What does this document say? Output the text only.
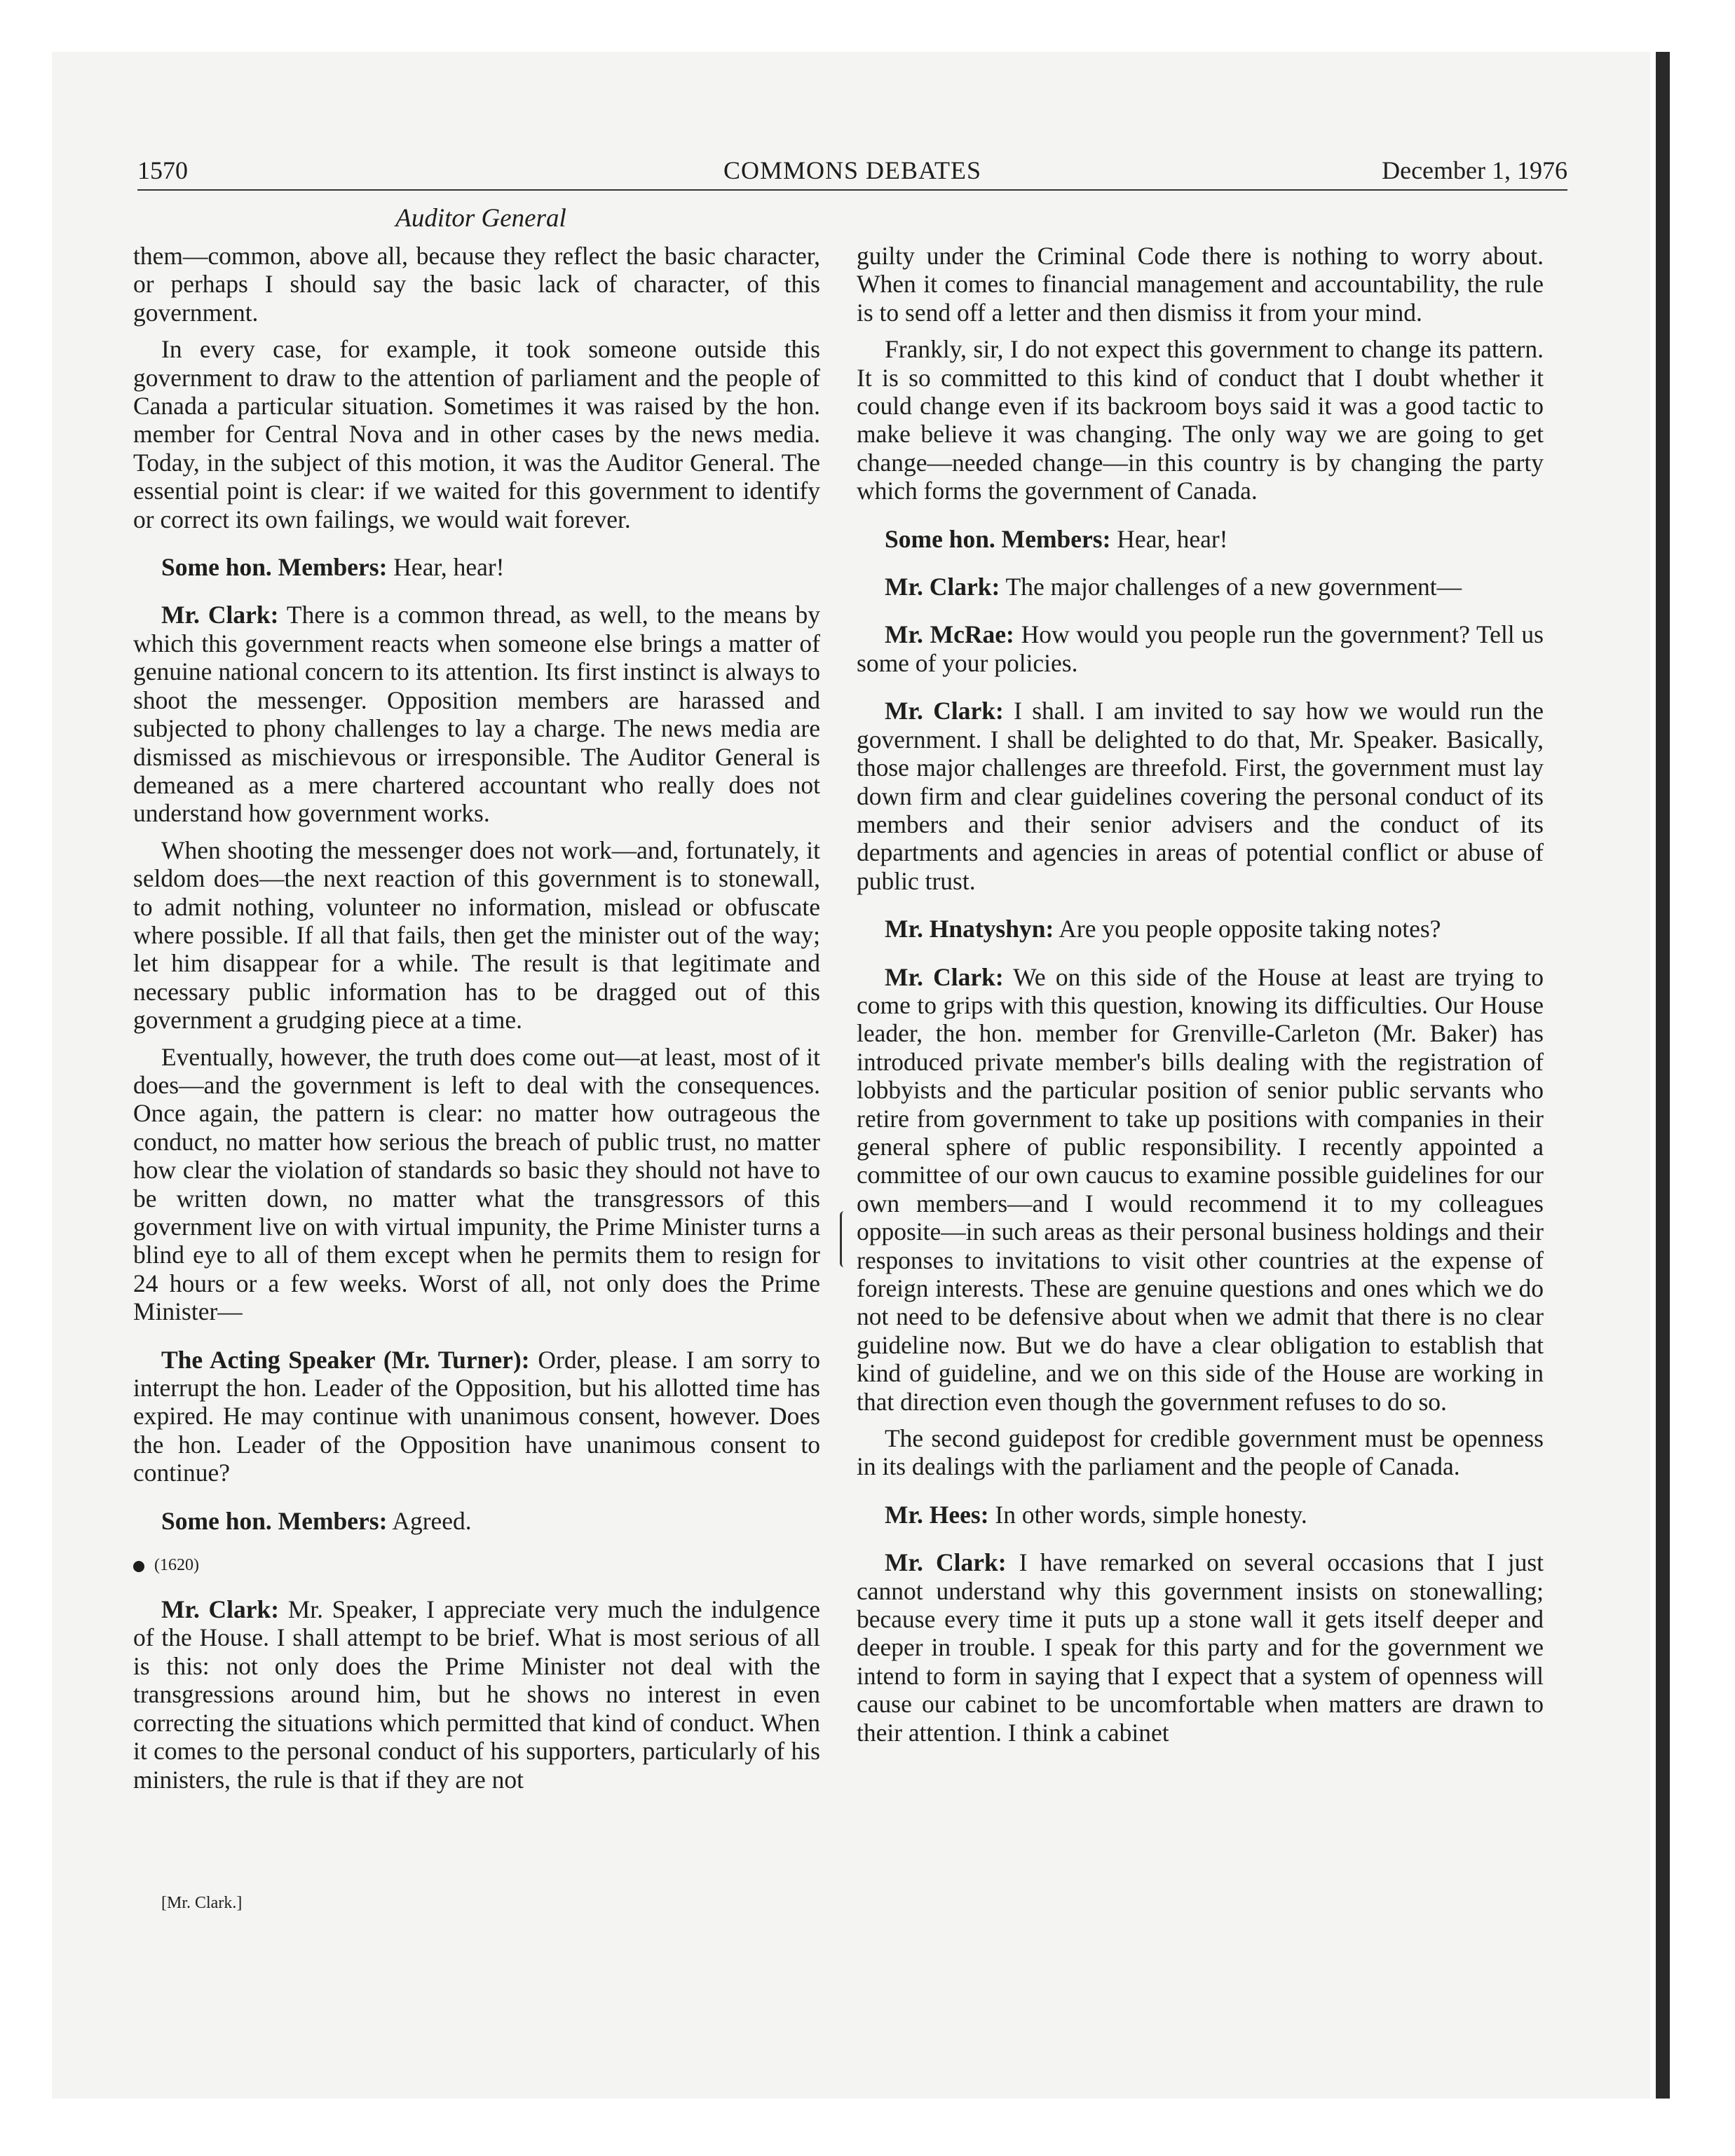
1570	COMMONS DEBATES	December 1, 1976
Auditor General

them—common, above all, because they reflect the basic character, or perhaps I should say the basic lack of character, of this government.

In every case, for example, it took someone outside this government to draw to the attention of parliament and the people of Canada a particular situation. Sometimes it was raised by the hon. member for Central Nova and in other cases by the news media. Today, in the subject of this motion, it was the Auditor General. The essential point is clear: if we waited for this government to identify or correct its own failings, we would wait forever.

Some hon. Members: Hear, hear!

Mr. Clark: There is a common thread, as well, to the means by which this government reacts when someone else brings a matter of genuine national concern to its attention. Its first instinct is always to shoot the messenger. Opposition members are harassed and subjected to phony challenges to lay a charge. The news media are dismissed as mischievous or irresponsible. The Auditor General is demeaned as a mere chartered accountant who really does not understand how government works.

When shooting the messenger does not work—and, fortunately, it seldom does—the next reaction of this government is to stonewall, to admit nothing, volunteer no information, mislead or obfuscate where possible. If all that fails, then get the minister out of the way; let him disappear for a while. The result is that legitimate and necessary public information has to be dragged out of this government a grudging piece at a time.

Eventually, however, the truth does come out—at least, most of it does—and the government is left to deal with the consequences. Once again, the pattern is clear: no matter how outrageous the conduct, no matter how serious the breach of public trust, no matter how clear the violation of standards so basic they should not have to be written down, no matter what the transgressors of this government live on with virtual impunity, the Prime Minister turns a blind eye to all of them except when he permits them to resign for 24 hours or a few weeks. Worst of all, not only does the Prime Minister—

The Acting Speaker (Mr. Turner): Order, please. I am sorry to interrupt the hon. Leader of the Opposition, but his allotted time has expired. He may continue with unanimous consent, however. Does the hon. Leader of the Opposition have unanimous consent to continue?

Some hon. Members: Agreed.

(1620)

Mr. Clark: Mr. Speaker, I appreciate very much the indulgence of the House. I shall attempt to be brief. What is most serious of all is this: not only does the Prime Minister not deal with the transgressions around him, but he shows no interest in even correcting the situations which permitted that kind of conduct. When it comes to the personal conduct of his supporters, particularly of his ministers, the rule is that if they are not

[Mr. Clark.]

guilty under the Criminal Code there is nothing to worry about. When it comes to financial management and accountability, the rule is to send off a letter and then dismiss it from your mind.

Frankly, sir, I do not expect this government to change its pattern. It is so committed to this kind of conduct that I doubt whether it could change even if its backroom boys said it was a good tactic to make believe it was changing. The only way we are going to get change—needed change—in this country is by changing the party which forms the government of Canada.

Some hon. Members: Hear, hear!

Mr. Clark: The major challenges of a new government—

Mr. McRae: How would you people run the government? Tell us some of your policies.

Mr. Clark: I shall. I am invited to say how we would run the government. I shall be delighted to do that, Mr. Speaker. Basically, those major challenges are threefold. First, the government must lay down firm and clear guidelines covering the personal conduct of its members and their senior advisers and the conduct of its departments and agencies in areas of potential conflict or abuse of public trust.

Mr. Hnatyshyn: Are you people opposite taking notes?

Mr. Clark: We on this side of the House at least are trying to come to grips with this question, knowing its difficulties. Our House leader, the hon. member for Grenville-Carleton (Mr. Baker) has introduced private member's bills dealing with the registration of lobbyists and the particular position of senior public servants who retire from government to take up positions with companies in their general sphere of public responsibility. I recently appointed a committee of our own caucus to examine possible guidelines for our own members—and I would recommend it to my colleagues opposite—in such areas as their personal business holdings and their responses to invitations to visit other countries at the expense of foreign interests. These are genuine questions and ones which we do not need to be defensive about when we admit that there is no clear guideline now. But we do have a clear obligation to establish that kind of guideline, and we on this side of the House are working in that direction even though the government refuses to do so.

The second guidepost for credible government must be openness in its dealings with the parliament and the people of Canada.

Mr. Hees: In other words, simple honesty.

Mr. Clark: I have remarked on several occasions that I just cannot understand why this government insists on stonewalling; because every time it puts up a stone wall it gets itself deeper and deeper in trouble. I speak for this party and for the government we intend to form in saying that I expect that a system of openness will cause our cabinet to be uncomfortable when matters are drawn to their attention. I think a cabinet
